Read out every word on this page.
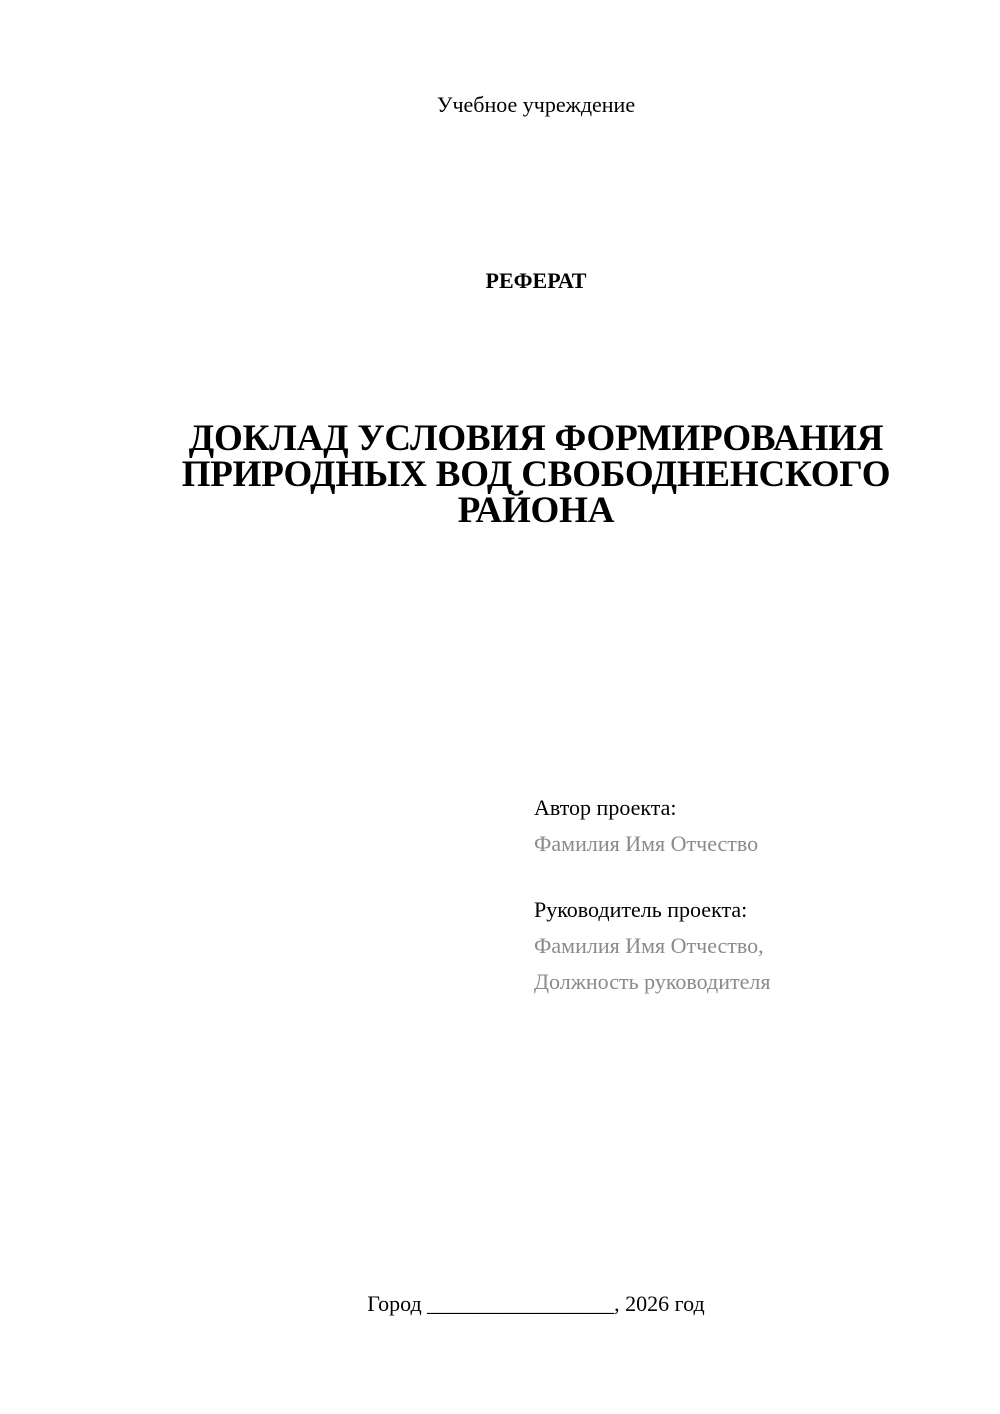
Учебное учреждение
РЕФЕРАТ
ДОКЛАД УСЛОВИЯ ФОРМИРОВАНИЯ
ПРИРОДНЫХ ВОД СВОБОДНЕНСКОГО
РАЙОНА
Автор проекта:
Фамилия Имя Отчество
Руководитель проекта:
Фамилия Имя Отчество,
Должность руководителя
Город _________________, 2026 год
